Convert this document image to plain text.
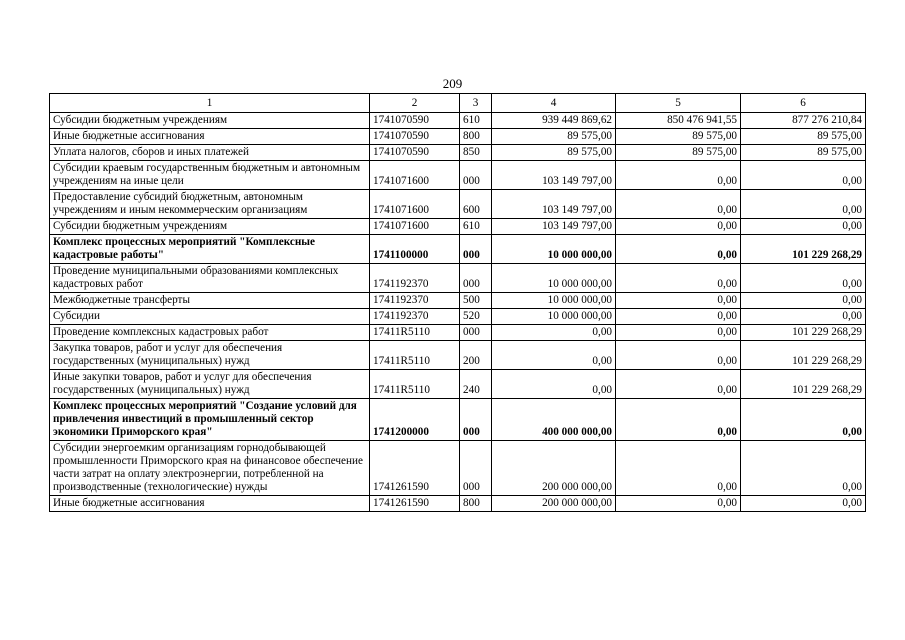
209
1	2	3	4	5	6
Субсидии бюджетным учреждениям	1741070590	610	939 449 869,62	850 476 941,55	877 276 210,84
Иные бюджетные ассигнования	1741070590	800	89 575,00	89 575,00	89 575,00
Уплата налогов, сборов и иных платежей	1741070590	850	89 575,00	89 575,00	89 575,00
Субсидии краевым государственным бюджетным и автономным учреждениям на иные цели	1741071600	000	103 149 797,00	0,00	0,00
Предоставление субсидий бюджетным, автономным учреждениям и иным некоммерческим организациям	1741071600	600	103 149 797,00	0,00	0,00
Субсидии бюджетным учреждениям	1741071600	610	103 149 797,00	0,00	0,00
Комплекс процессных мероприятий "Комплексные кадастровые работы"	1741100000	000	10 000 000,00	0,00	101 229 268,29
Проведение муниципальными образованиями комплексных кадастровых работ	1741192370	000	10 000 000,00	0,00	0,00
Межбюджетные трансферты	1741192370	500	10 000 000,00	0,00	0,00
Субсидии	1741192370	520	10 000 000,00	0,00	0,00
Проведение комплексных кадастровых работ	17411R5110	000	0,00	0,00	101 229 268,29
Закупка товаров, работ и услуг для обеспечения государственных (муниципальных) нужд	17411R5110	200	0,00	0,00	101 229 268,29
Иные закупки товаров, работ и услуг для обеспечения государственных (муниципальных) нужд	17411R5110	240	0,00	0,00	101 229 268,29
Комплекс процессных мероприятий "Создание условий для привлечения инвестиций в промышленный сектор экономики Приморского края"	1741200000	000	400 000 000,00	0,00	0,00
Субсидии энергоемким организациям горнодобывающей промышленности Приморского края на финансовое обеспечение части затрат на оплату электроэнергии, потребленной на производственные (технологические) нужды	1741261590	000	200 000 000,00	0,00	0,00
Иные бюджетные ассигнования	1741261590	800	200 000 000,00	0,00	0,00
